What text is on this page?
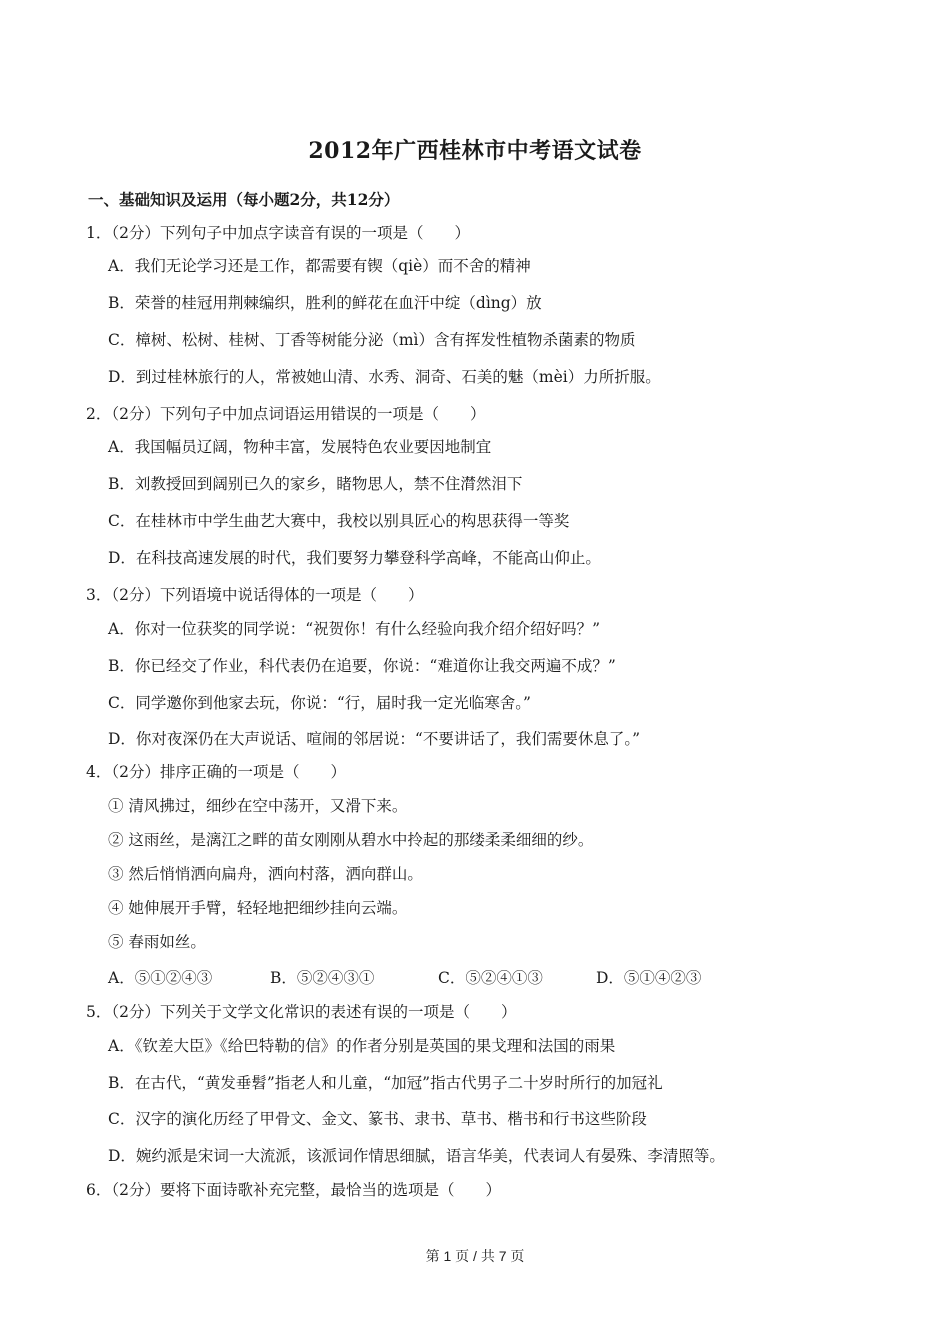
2012年广西桂林市中考语文试卷
一、基础知识及运用（每小题2分，共12分）
1．（2分）下列句子中加点字读音有误的一项是（　　）
A．我们无论学习还是工作，都需要有锲（qiè）而不舍的精神
B．荣誉的桂冠用荆棘编织，胜利的鲜花在血汗中绽（dìng）放
C．樟树、松树、桂树、丁香等树能分泌（mì）含有挥发性植物杀菌素的物质
D．到过桂林旅行的人，常被她山清、水秀、洞奇、石美的魅（mèi）力所折服。
2．（2分）下列句子中加点词语运用错误的一项是（　　）
A．我国幅员辽阔，物种丰富，发展特色农业要因地制宜
B．刘教授回到阔别已久的家乡，睹物思人，禁不住潸然泪下
C．在桂林市中学生曲艺大赛中，我校以别具匠心的构思获得一等奖
D．在科技高速发展的时代，我们要努力攀登科学高峰，不能高山仰止。
3．（2分）下列语境中说话得体的一项是（　　）
A．你对一位获奖的同学说：“祝贺你！有什么经验向我介绍介绍好吗？”
B．你已经交了作业，科代表仍在追要，你说：“难道你让我交两遍不成？”
C．同学邀你到他家去玩，你说：“行，届时我一定光临寒舍。”
D．你对夜深仍在大声说话、喧闹的邻居说：“不要讲话了，我们需要休息了。”
4．（2分）排序正确的一项是（　　）
① 清风拂过，细纱在空中荡开，又滑下来。
② 这雨丝，是漓江之畔的苗女刚刚从碧水中拎起的那缕柔柔细细的纱。
③ 然后悄悄洒向扁舟，洒向村落，洒向群山。
④ 她伸展开手臂，轻轻地把细纱挂向云端。
⑤ 春雨如丝。
A．⑤①②④③	B．⑤②④③①	C．⑤②④①③	D．⑤①④②③
5．（2分）下列关于文学文化常识的表述有误的一项是（　　）
A．《钦差大臣》《给巴特勒的信》的作者分别是英国的果戈理和法国的雨果
B．在古代，“黄发垂髫”指老人和儿童，“加冠”指古代男子二十岁时所行的加冠礼
C．汉字的演化历经了甲骨文、金文、篆书、隶书、草书、楷书和行书这些阶段
D．婉约派是宋词一大流派，该派词作情思细腻，语言华美，代表词人有晏殊、李清照等。
6．（2分）要将下面诗歌补充完整，最恰当的选项是（　　）
第 1 页 / 共 7 页
